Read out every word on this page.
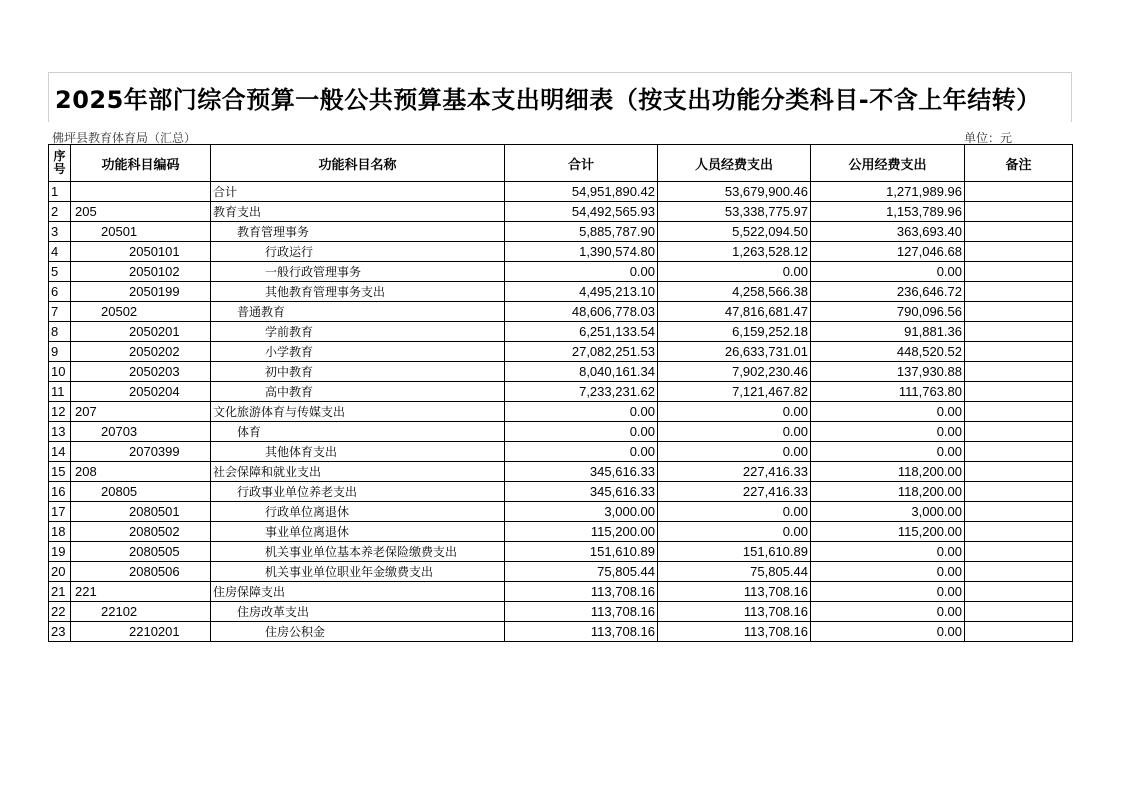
2025年部门综合预算一般公共预算基本支出明细表（按支出功能分类科目-不含上年结转）
佛坪县教育体育局（汇总）	单位：元
序号	功能科目编码	功能科目名称	合计	人员经费支出	公用经费支出	备注
1		合计	54,951,890.42	53,679,900.46	1,271,989.96	
2	205	教育支出	54,492,565.93	53,338,775.97	1,153,789.96	
3	20501	教育管理事务	5,885,787.90	5,522,094.50	363,693.40	
4	2050101	行政运行	1,390,574.80	1,263,528.12	127,046.68	
5	2050102	一般行政管理事务	0.00	0.00	0.00	
6	2050199	其他教育管理事务支出	4,495,213.10	4,258,566.38	236,646.72	
7	20502	普通教育	48,606,778.03	47,816,681.47	790,096.56	
8	2050201	学前教育	6,251,133.54	6,159,252.18	91,881.36	
9	2050202	小学教育	27,082,251.53	26,633,731.01	448,520.52	
10	2050203	初中教育	8,040,161.34	7,902,230.46	137,930.88	
11	2050204	高中教育	7,233,231.62	7,121,467.82	111,763.80	
12	207	文化旅游体育与传媒支出	0.00	0.00	0.00	
13	20703	体育	0.00	0.00	0.00	
14	2070399	其他体育支出	0.00	0.00	0.00	
15	208	社会保障和就业支出	345,616.33	227,416.33	118,200.00	
16	20805	行政事业单位养老支出	345,616.33	227,416.33	118,200.00	
17	2080501	行政单位离退休	3,000.00	0.00	3,000.00	
18	2080502	事业单位离退休	115,200.00	0.00	115,200.00	
19	2080505	机关事业单位基本养老保险缴费支出	151,610.89	151,610.89	0.00	
20	2080506	机关事业单位职业年金缴费支出	75,805.44	75,805.44	0.00	
21	221	住房保障支出	113,708.16	113,708.16	0.00	
22	22102	住房改革支出	113,708.16	113,708.16	0.00	
23	2210201	住房公积金	113,708.16	113,708.16	0.00	
